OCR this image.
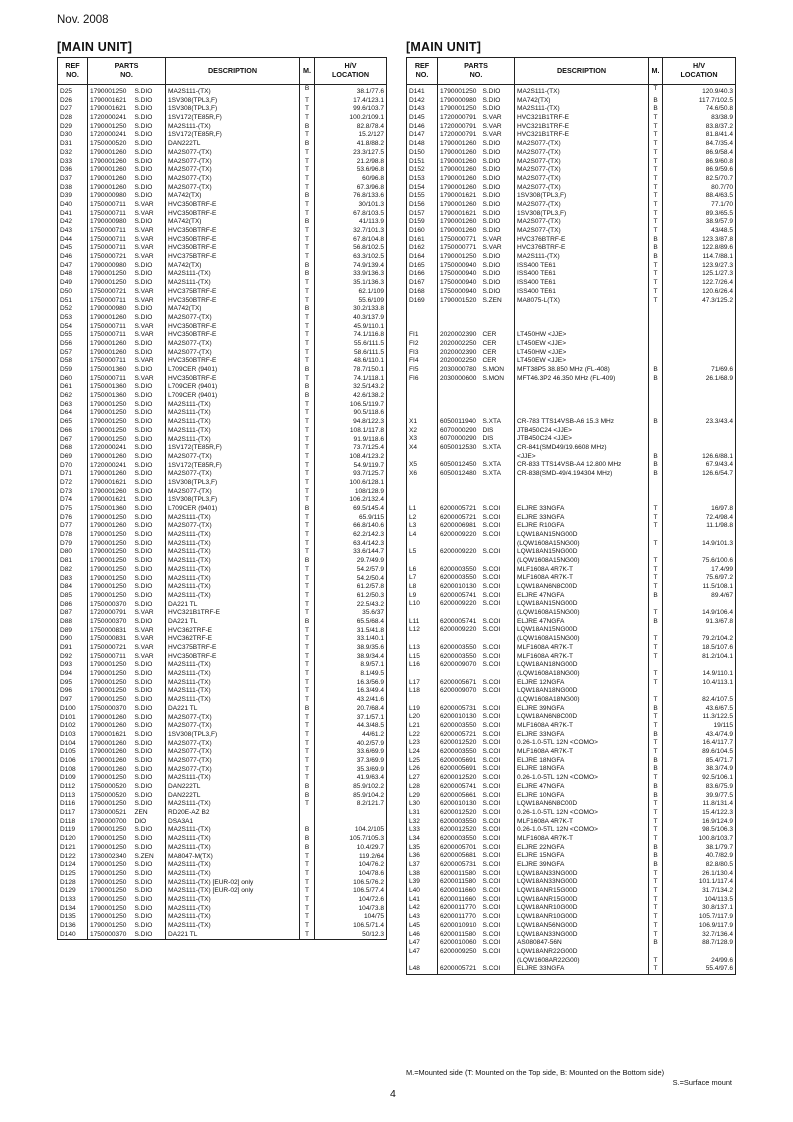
Nov. 2008
[MAIN UNIT]	[MAIN UNIT]
REF
NO.	PARTS
NO.		DESCRIPTION	M.	H/V
LOCATION
D25	1790001250	S.DIO	MA2S111-(TX)	B	38.1/77.6
D26	1790001621	S.DIO	1SV308(TPL3,F)	T	17.4/123.1
D27	1790001621	S.DIO	1SV308(TPL3,F)	T	99.6/103.7
D28	1720000241	S.DIO	1SV172(TE85R,F)	T	100.2/109.1
D29	1790001250	S.DIO	MA2S111-(TX)	B	82.8/78.4
D30	1720000241	S.DIO	1SV172(TE85R,F)	T	15.2/127
D31	1750000520	S.DIO	DAN222TL	B	41.8/88.2
D32	1790001260	S.DIO	MA2S077-(TX)	T	23.3/127.5
D33	1790001260	S.DIO	MA2S077-(TX)	T	21.2/98.8
D36	1790001260	S.DIO	MA2S077-(TX)	T	53.6/96.8
D37	1790001260	S.DIO	MA2S077-(TX)	T	60/96.8
D38	1790001260	S.DIO	MA2S077-(TX)	T	67.3/96.8
D39	1790000980	S.DIO	MA742(TX)	B	76.8/133.6
D40	1750000711	S.VAR	HVC350BTRF-E	T	30/101.3
D41	1750000711	S.VAR	HVC350BTRF-E	T	67.8/103.5
D42	1790000980	S.DIO	MA742(TX)	B	41/113.9
D43	1750000711	S.VAR	HVC350BTRF-E	T	32.7/101.3
D44	1750000711	S.VAR	HVC350BTRF-E	T	67.8/104.8
D45	1750000711	S.VAR	HVC350BTRF-E	T	56.8/102.5
D46	1750000721	S.VAR	HVC375BTRF-E	T	63.3/102.5
D47	1790000980	S.DIO	MA742(TX)	B	74.9/139.4
D48	1790001250	S.DIO	MA2S111-(TX)	B	33.9/136.3
D49	1790001250	S.DIO	MA2S111-(TX)	T	35.1/136.3
D50	1750000721	S.VAR	HVC375BTRF-E	T	62.1/109
D51	1750000711	S.VAR	HVC350BTRF-E	T	55.6/109
D52	1790000980	S.DIO	MA742(TX)	B	30.2/133.8
D53	1790001260	S.DIO	MA2S077-(TX)	T	40.3/137.9
D54	1750000711	S.VAR	HVC350BTRF-E	T	45.9/110.1
D55	1750000711	S.VAR	HVC350BTRF-E	T	74.1/116.8
D56	1790001260	S.DIO	MA2S077-(TX)	T	55.6/111.5
D57	1790001260	S.DIO	MA2S077-(TX)	T	58.6/111.5
D58	1750000711	S.VAR	HVC350BTRF-E	T	48.6/110.1
D59	1750001360	S.DIO	L709CER (9401)	B	78.7/150.1
D60	1750000711	S.VAR	HVC350BTRF-E	T	74.1/118.1
D61	1750001360	S.DIO	L709CER (9401)	B	32.5/143.2
D62	1750001360	S.DIO	L709CER (9401)	B	42.6/138.2
D63	1790001250	S.DIO	MA2S111-(TX)	T	106.5/119.7
D64	1790001250	S.DIO	MA2S111-(TX)	T	90.5/118.6
D65	1790001250	S.DIO	MA2S111-(TX)	T	94.8/122.3
D66	1790001250	S.DIO	MA2S111-(TX)	T	108.1/117.8
D67	1790001250	S.DIO	MA2S111-(TX)	T	91.9/118.6
D68	1720000241	S.DIO	1SV172(TE85R,F)	T	73.7/125.4
D69	1790001260	S.DIO	MA2S077-(TX)	T	108.4/123.2
D70	1720000241	S.DIO	1SV172(TE85R,F)	T	54.9/119.7
D71	1790001260	S.DIO	MA2S077-(TX)	T	93.7/125.7
D72	1790001621	S.DIO	1SV308(TPL3,F)	T	100.6/128.1
D73	1790001260	S.DIO	MA2S077-(TX)	T	108/128.9
D74	1790001621	S.DIO	1SV308(TPL3,F)	T	106.2/132.4
D75	1750001360	S.DIO	L709CER (9401)	B	69.5/145.4
D76	1790001250	S.DIO	MA2S111-(TX)	T	65.9/115
D77	1790001260	S.DIO	MA2S077-(TX)	T	66.8/140.6
D78	1790001250	S.DIO	MA2S111-(TX)	T	62.2/142.3
D79	1790001250	S.DIO	MA2S111-(TX)	T	63.4/142.3
D80	1790001250	S.DIO	MA2S111-(TX)	T	33.6/144.7
D81	1790001250	S.DIO	MA2S111-(TX)	B	29.7/49.9
D82	1790001250	S.DIO	MA2S111-(TX)	T	54.2/57.9
D83	1790001250	S.DIO	MA2S111-(TX)	T	54.2/50.4
D84	1790001250	S.DIO	MA2S111-(TX)	T	61.2/57.8
D85	1790001250	S.DIO	MA2S111-(TX)	T	61.2/50.3
D86	1750000370	S.DIO	DA221 TL	T	22.5/43.2
D87	1720000791	S.VAR	HVC321B1TRF-E	T	35.6/37
D88	1750000370	S.DIO	DA221 TL	B	65.5/68.4
D89	1750000831	S.VAR	HVC362TRF-E	T	31.5/41.8
D90	1750000831	S.VAR	HVC362TRF-E	T	33.1/40.1
D91	1750000721	S.VAR	HVC375BTRF-E	T	38.9/35.6
D92	1750000711	S.VAR	HVC350BTRF-E	T	38.9/34.4
D93	1790001250	S.DIO	MA2S111-(TX)	T	8.9/57.1
D94	1790001250	S.DIO	MA2S111-(TX)	T	8.1/49.5
D95	1790001250	S.DIO	MA2S111-(TX)	T	16.3/56.9
D96	1790001250	S.DIO	MA2S111-(TX)	T	16.3/49.4
D97	1790001250	S.DIO	MA2S111-(TX)	T	43.2/41.6
D100	1750000370	S.DIO	DA221 TL	B	20.7/68.4
D101	1790001260	S.DIO	MA2S077-(TX)	T	37.1/57.1
D102	1790001260	S.DIO	MA2S077-(TX)	T	44.3/48.5
D103	1790001621	S.DIO	1SV308(TPL3,F)	T	44/61.2
D104	1790001260	S.DIO	MA2S077-(TX)	T	40.2/57.9
D105	1790001260	S.DIO	MA2S077-(TX)	T	33.6/69.9
D106	1790001260	S.DIO	MA2S077-(TX)	T	37.3/69.9
D108	1790001260	S.DIO	MA2S077-(TX)	T	35.3/69.9
D109	1790001250	S.DIO	MA2S111-(TX)	T	41.9/63.4
D112	1750000520	S.DIO	DAN222TL	B	85.9/102.2
D113	1750000520	S.DIO	DAN222TL	B	85.9/104.2
D116	1790001250	S.DIO	MA2S111-(TX)	T	8.2/121.7
D117	1730000521	ZEN	RD20E-AZ B2		
D118	1790000700	DIO	DSA3A1		
D119	1790001250	S.DIO	MA2S111-(TX)	B	104.2/105
D120	1790001250	S.DIO	MA2S111-(TX)	B	105.7/105.3
D121	1790001250	S.DIO	MA2S111-(TX)	B	10.4/29.7
D122	1730002340	S.ZEN	MA8047-M(TX)	T	119.2/64
D124	1790001250	S.DIO	MA2S111-(TX)	T	104/76.2
D125	1790001250	S.DIO	MA2S111-(TX)	T	104/78.6
D128	1790001250	S.DIO	MA2S111-(TX) [EUR-02] only	T	106.5/76.2
D129	1790001250	S.DIO	MA2S111-(TX) [EUR-02] only	T	106.5/77.4
D133	1790001250	S.DIO	MA2S111-(TX)	T	104/72.6
D134	1790001250	S.DIO	MA2S111-(TX)	T	104/73.8
D135	1790001250	S.DIO	MA2S111-(TX)	T	104/75
D136	1790001250	S.DIO	MA2S111-(TX)	T	106.5/71.4
D140	1750000370	S.DIO	DA221 TL	T	50/12.3
REF
NO.	PARTS
NO.		DESCRIPTION	M.	H/V
LOCATION
D141	1790001250	S.DIO	MA2S111-(TX)	T	120.9/40.3
D142	1790000980	S.DIO	MA742(TX)	B	117.7/102.5
D143	1790001250	S.DIO	MA2S111-(TX)	B	74.6/50.8
D145	1720000791	S.VAR	HVC321B1TRF-E	T	83/38.9
D146	1720000791	S.VAR	HVC321B1TRF-E	T	83.8/37.2
D147	1720000791	S.VAR	HVC321B1TRF-E	T	81.8/41.4
D148	1790001260	S.DIO	MA2S077-(TX)	T	84.7/35.4
D150	1790001260	S.DIO	MA2S077-(TX)	T	86.9/58.4
D151	1790001260	S.DIO	MA2S077-(TX)	T	86.9/60.8
D152	1790001260	S.DIO	MA2S077-(TX)	T	86.9/59.6
D153	1790001260	S.DIO	MA2S077-(TX)	T	82.5/70.7
D154	1790001260	S.DIO	MA2S077-(TX)	T	80.7/70
D155	1790001621	S.DIO	1SV308(TPL3,F)	T	88.4/63.5
D156	1790001260	S.DIO	MA2S077-(TX)	T	77.1/70
D157	1790001621	S.DIO	1SV308(TPL3,F)	T	89.3/65.5
D159	1790001260	S.DIO	MA2S077-(TX)	T	38.9/57.9
D160	1790001260	S.DIO	MA2S077-(TX)	T	43/48.5
D161	1750000771	S.VAR	HVC376BTRF-E	B	123.3/87.8
D162	1750000771	S.VAR	HVC376BTRF-E	B	122.8/89.6
D164	1790001250	S.DIO	MA2S111-(TX)	B	114.7/88.1
D165	1750000940	S.DIO	ISS400 TE61	T	123.9/27.3
D166	1750000940	S.DIO	ISS400 TE61	T	125.1/27.3
D167	1750000940	S.DIO	ISS400 TE61	T	122.7/26.4
D168	1750000940	S.DIO	ISS400 TE61	T	120.6/26.4
D169	1790001520	S.ZEN	MA8075-L(TX)	T	47.3/125.2

FI1	2020002390	CER	LT450HW <JJE>		
FI2	2020002250	CER	LT450EW <JJE>		
FI3	2020002390	CER	LT450HW <JJE>		
FI4	2020002250	CER	LT450EW <JJE>		
FI5	2030000780	S.MON	MFT38P5 38.850 MHz (FL-408)	B	71/69.6
FI6	2030000600	S.MON	MFT46.3P2 46.350 MHz (FL-409)	B	26.1/68.9

X1	6050011940	S.XTA	CR-783 TTS14VSB-A6 15.3 MHz	B	23.3/43.4
X2	6070000290	DIS	JTB450C24 <JJE>		
X3	6070000290	DIS	JTB450C24 <JJE>		
X4	6050012530	S.XTA	CR-841(SMD49/19.6608 MHz)		
			<JJE>	B	126.6/88.1
X5	6050012450	S.XTA	CR-833 TTS14VSB-A4 12.800 MHz	B	67.9/43.4
X6	6050012480	S.XTA	CR-838(SMD-49/4.194304 MHz)	B	126.6/54.7

L1	6200005721	S.COI	ELJRE 33NGFA	T	16/97.8
L2	6200005721	S.COI	ELJRE 33NGFA	T	72.4/98.4
L3	6200006981	S.COI	ELJRE R10GFA	T	11.1/98.8
L4	6200009220	S.COI	LQW18AN15NG00D		
			(LQW1608A15NG00)	T	14.9/101.3
L5	6200009220	S.COI	LQW18AN15NG00D		
			(LQW1608A15NG00)	T	75.6/100.6
L6	6200003550	S.COI	MLF1608A 4R7K-T	T	17.4/99
L7	6200003550	S.COI	MLF1608A 4R7K-T	T	75.6/97.2
L8	6200010130	S.COI	LQW18AN6N8C00D	T	11.5/108.1
L9	6200005741	S.COI	ELJRE 47NGFA	B	89.4/67
L10	6200009220	S.COI	LQW18AN15NG00D		
			(LQW1608A15NG00)	T	14.9/106.4
L11	6200005741	S.COI	ELJRE 47NGFA	B	91.3/67.8
L12	6200009220	S.COI	LQW18AN15NG00D		
			(LQW1608A15NG00)	T	79.2/104.2
L13	6200003550	S.COI	MLF1608A 4R7K-T	T	18.5/107.6
L15	6200003550	S.COI	MLF1608A 4R7K-T	T	81.2/104.1
L16	6200009070	S.COI	LQW18AN18NG00D		
			(LQW1608A18NG00)	T	14.9/110.1
L17	6200005671	S.COI	ELJRE 12NGFA	T	10.4/113.1
L18	6200009070	S.COI	LQW18AN18NG00D		
			(LQW1608A18NG00)	T	82.4/107.5
L19	6200005731	S.COI	ELJRE 39NGFA	B	43.6/67.5
L20	6200010130	S.COI	LQW18AN6N8C00D	T	11.3/122.5
L21	6200003550	S.COI	MLF1608A 4R7K-T	T	19/115
L22	6200005721	S.COI	ELJRE 33NGFA	B	43.4/74.9
L23	6200012520	S.COI	0.26-1.0-5TL 12N <COMO>	T	16.4/117.7
L24	6200003550	S.COI	MLF1608A 4R7K-T	T	89.6/104.5
L25	6200005691	S.COI	ELJRE 18NGFA	B	85.4/71.7
L26	6200005691	S.COI	ELJRE 18NGFA	B	38.3/74.9
L27	6200012520	S.COI	0.26-1.0-5TL 12N <COMO>	T	92.5/106.1
L28	6200005741	S.COI	ELJRE 47NGFA	B	83.6/75.9
L29	6200005661	S.COI	ELJRE 10NGFA	B	39.9/77.5
L30	6200010130	S.COI	LQW18AN6N8C00D	T	11.8/131.4
L31	6200012520	S.COI	0.26-1.0-5TL 12N <COMO>	T	15.4/122.3
L32	6200003550	S.COI	MLF1608A 4R7K-T	T	16.9/124.9
L33	6200012520	S.COI	0.26-1.0-5TL 12N <COMO>	T	98.5/106.3
L34	6200003550	S.COI	MLF1608A 4R7K-T	T	100.8/103.7
L35	6200005701	S.COI	ELJRE 22NGFA	B	38.1/79.7
L36	6200005681	S.COI	ELJRE 15NGFA	B	40.7/82.9
L37	6200005731	S.COI	ELJRE 39NGFA	B	82.8/80.5
L38	6200011580	S.COI	LQW18AN33NG00D	T	26.1/130.4
L39	6200011580	S.COI	LQW18AN33NG00D	T	101.1/117.4
L40	6200011660	S.COI	LQW18ANR15G00D	T	31.7/134.2
L41	6200011660	S.COI	LQW18ANR15G00D	T	104/113.5
L42	6200011770	S.COI	LQW18ANR10G00D	T	30.8/137.1
L43	6200011770	S.COI	LQW18ANR10G00D	T	105.7/117.9
L45	6200010910	S.COI	LQW18AN56NG00D	T	106.9/117.9
L46	6200011580	S.COI	LQW18AN33NG00D	T	32.7/136.4
L47	6200010060	S.COI	AS080847-56N	B	88.7/128.9
L47	6200009250	S.COI	LQW18ANR22G00D		
			(LQW1608AR22G00)	T	24/99.6
L48	6200005721	S.COI	ELJRE 33NGFA	T	55.4/97.6
M.=Mounted side (T: Mounted on the Top side, B: Mounted on the Bottom side)
S.=Surface mount
4
